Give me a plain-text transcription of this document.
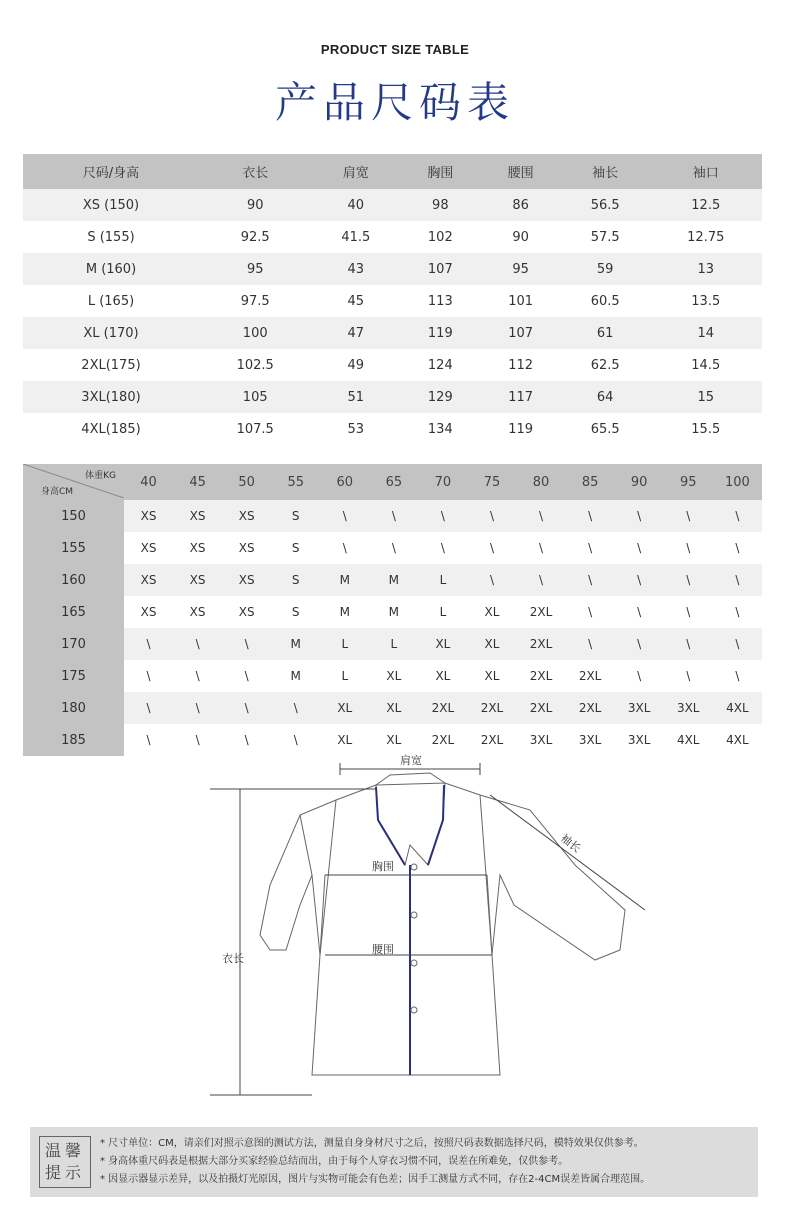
PRODUCT SIZE TABLE
产品尺码表
尺码/身高	衣长	肩宽	胸围	腰围	袖长	袖口
XS (150)	90	40	98	86	56.5	12.5
S (155)	92.5	41.5	102	90	57.5	12.75
M (160)	95	43	107	95	59	13
L (165)	97.5	45	113	101	60.5	13.5
XL (170)	100	47	119	107	61	14
2XL(175)	102.5	49	124	112	62.5	14.5
3XL(180)	105	51	129	117	64	15
4XL(185)	107.5	53	134	119	65.5	15.5
体重KG
身高CM	40	45	50	55	60	65	70	75	80	85	90	95	100
150	XS	XS	XS	S	\	\	\	\	\	\	\	\	\
155	XS	XS	XS	S	\	\	\	\	\	\	\	\	\
160	XS	XS	XS	S	M	M	L	\	\	\	\	\	\
165	XS	XS	XS	S	M	M	L	XL	2XL	\	\	\	\
170	\	\	\	M	L	L	XL	XL	2XL	\	\	\	\
175	\	\	\	M	L	XL	XL	XL	2XL	2XL	\	\	\
180	\	\	\	\	XL	XL	2XL	2XL	2XL	2XL	3XL	3XL	4XL
185	\	\	\	\	XL	XL	2XL	2XL	3XL	3XL	3XL	4XL	4XL
肩宽
袖长
胸围
衣长
腰围
温馨
提示
* 尺寸单位：CM，请亲们对照示意图的测试方法，测量自身身材尺寸之后，按照尺码表数据选择尺码，模特效果仅供参考。
* 身高体重尺码表是根据大部分买家经验总结而出，由于每个人穿衣习惯不同，误差在所难免，仅供参考。
* 因显示器显示差异，以及拍摄灯光原因，图片与实物可能会有色差；因手工测量方式不同，存在2-4CM误差皆属合理范围。
